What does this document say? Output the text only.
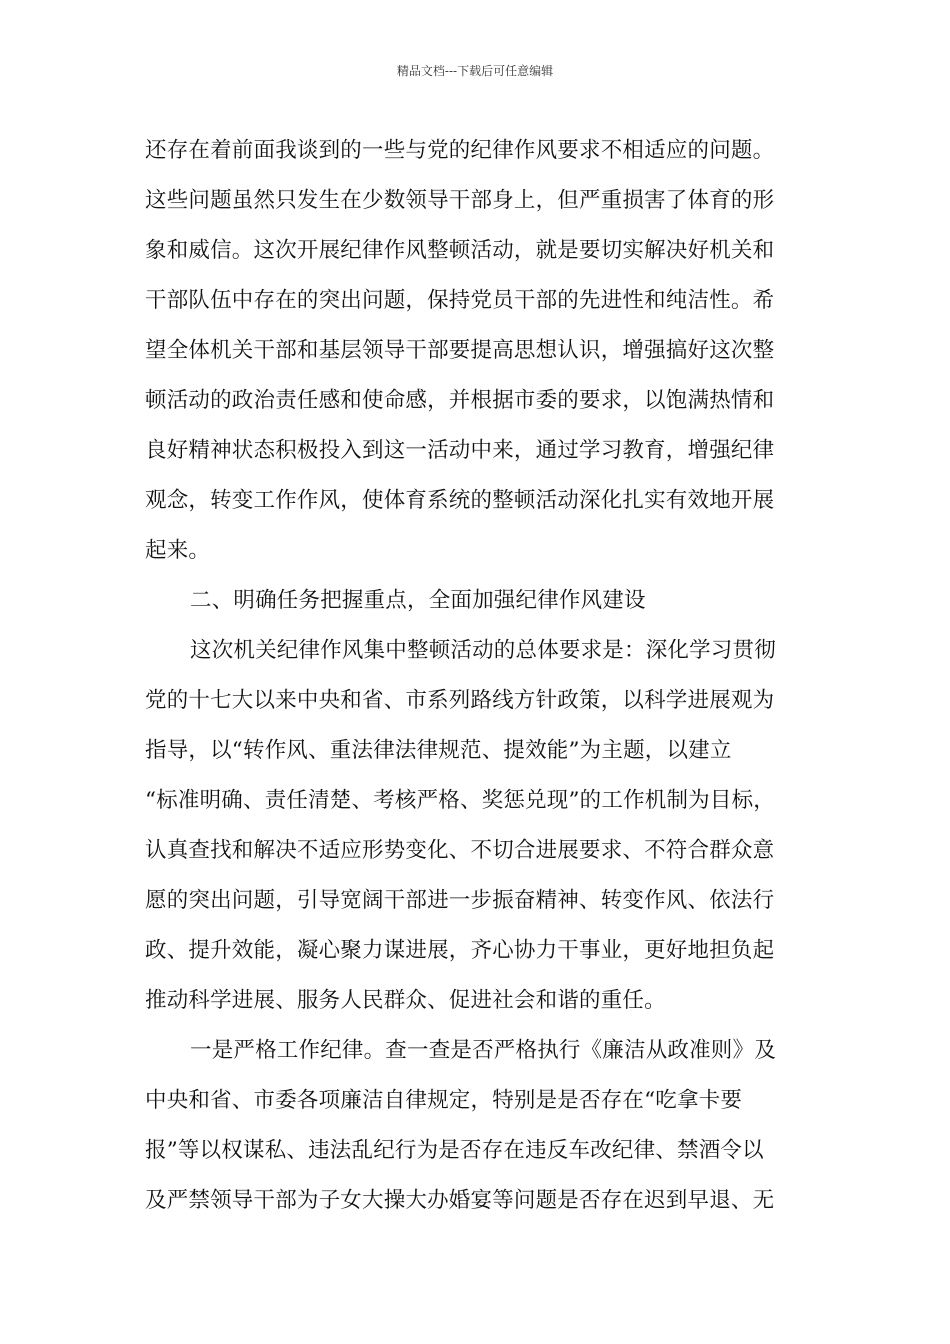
精品文档---下载后可任意编辑
还存在着前面我谈到的一些与党的纪律作风要求不相适应的问题。
这些问题虽然只发生在少数领导干部身上，但严重损害了体育的形
象和威信。这次开展纪律作风整顿活动，就是要切实解决好机关和
干部队伍中存在的突出问题，保持党员干部的先进性和纯洁性。希
望全体机关干部和基层领导干部要提高思想认识，增强搞好这次整
顿活动的政治责任感和使命感，并根据市委的要求，以饱满热情和
良好精神状态积极投入到这一活动中来，通过学习教育，增强纪律
观念，转变工作作风，使体育系统的整顿活动深化扎实有效地开展
起来。
二、明确任务把握重点，全面加强纪律作风建设
这次机关纪律作风集中整顿活动的总体要求是：深化学习贯彻
党的十七大以来中央和省、市系列路线方针政策，以科学进展观为
指导，以“转作风、重法律法律规范、提效能”为主题，以建立
“标准明确、责任清楚、考核严格、奖惩兑现”的工作机制为目标，
认真查找和解决不适应形势变化、不切合进展要求、不符合群众意
愿的突出问题，引导宽阔干部进一步振奋精神、转变作风、依法行
政、提升效能，凝心聚力谋进展，齐心协力干事业，更好地担负起
推动科学进展、服务人民群众、促进社会和谐的重任。
一是严格工作纪律。查一查是否严格执行《廉洁从政准则》及
中央和省、市委各项廉洁自律规定，特别是是否存在“吃拿卡要
报”等以权谋私、违法乱纪行为是否存在违反车改纪律、禁酒令以
及严禁领导干部为子女大操大办婚宴等问题是否存在迟到早退、无
